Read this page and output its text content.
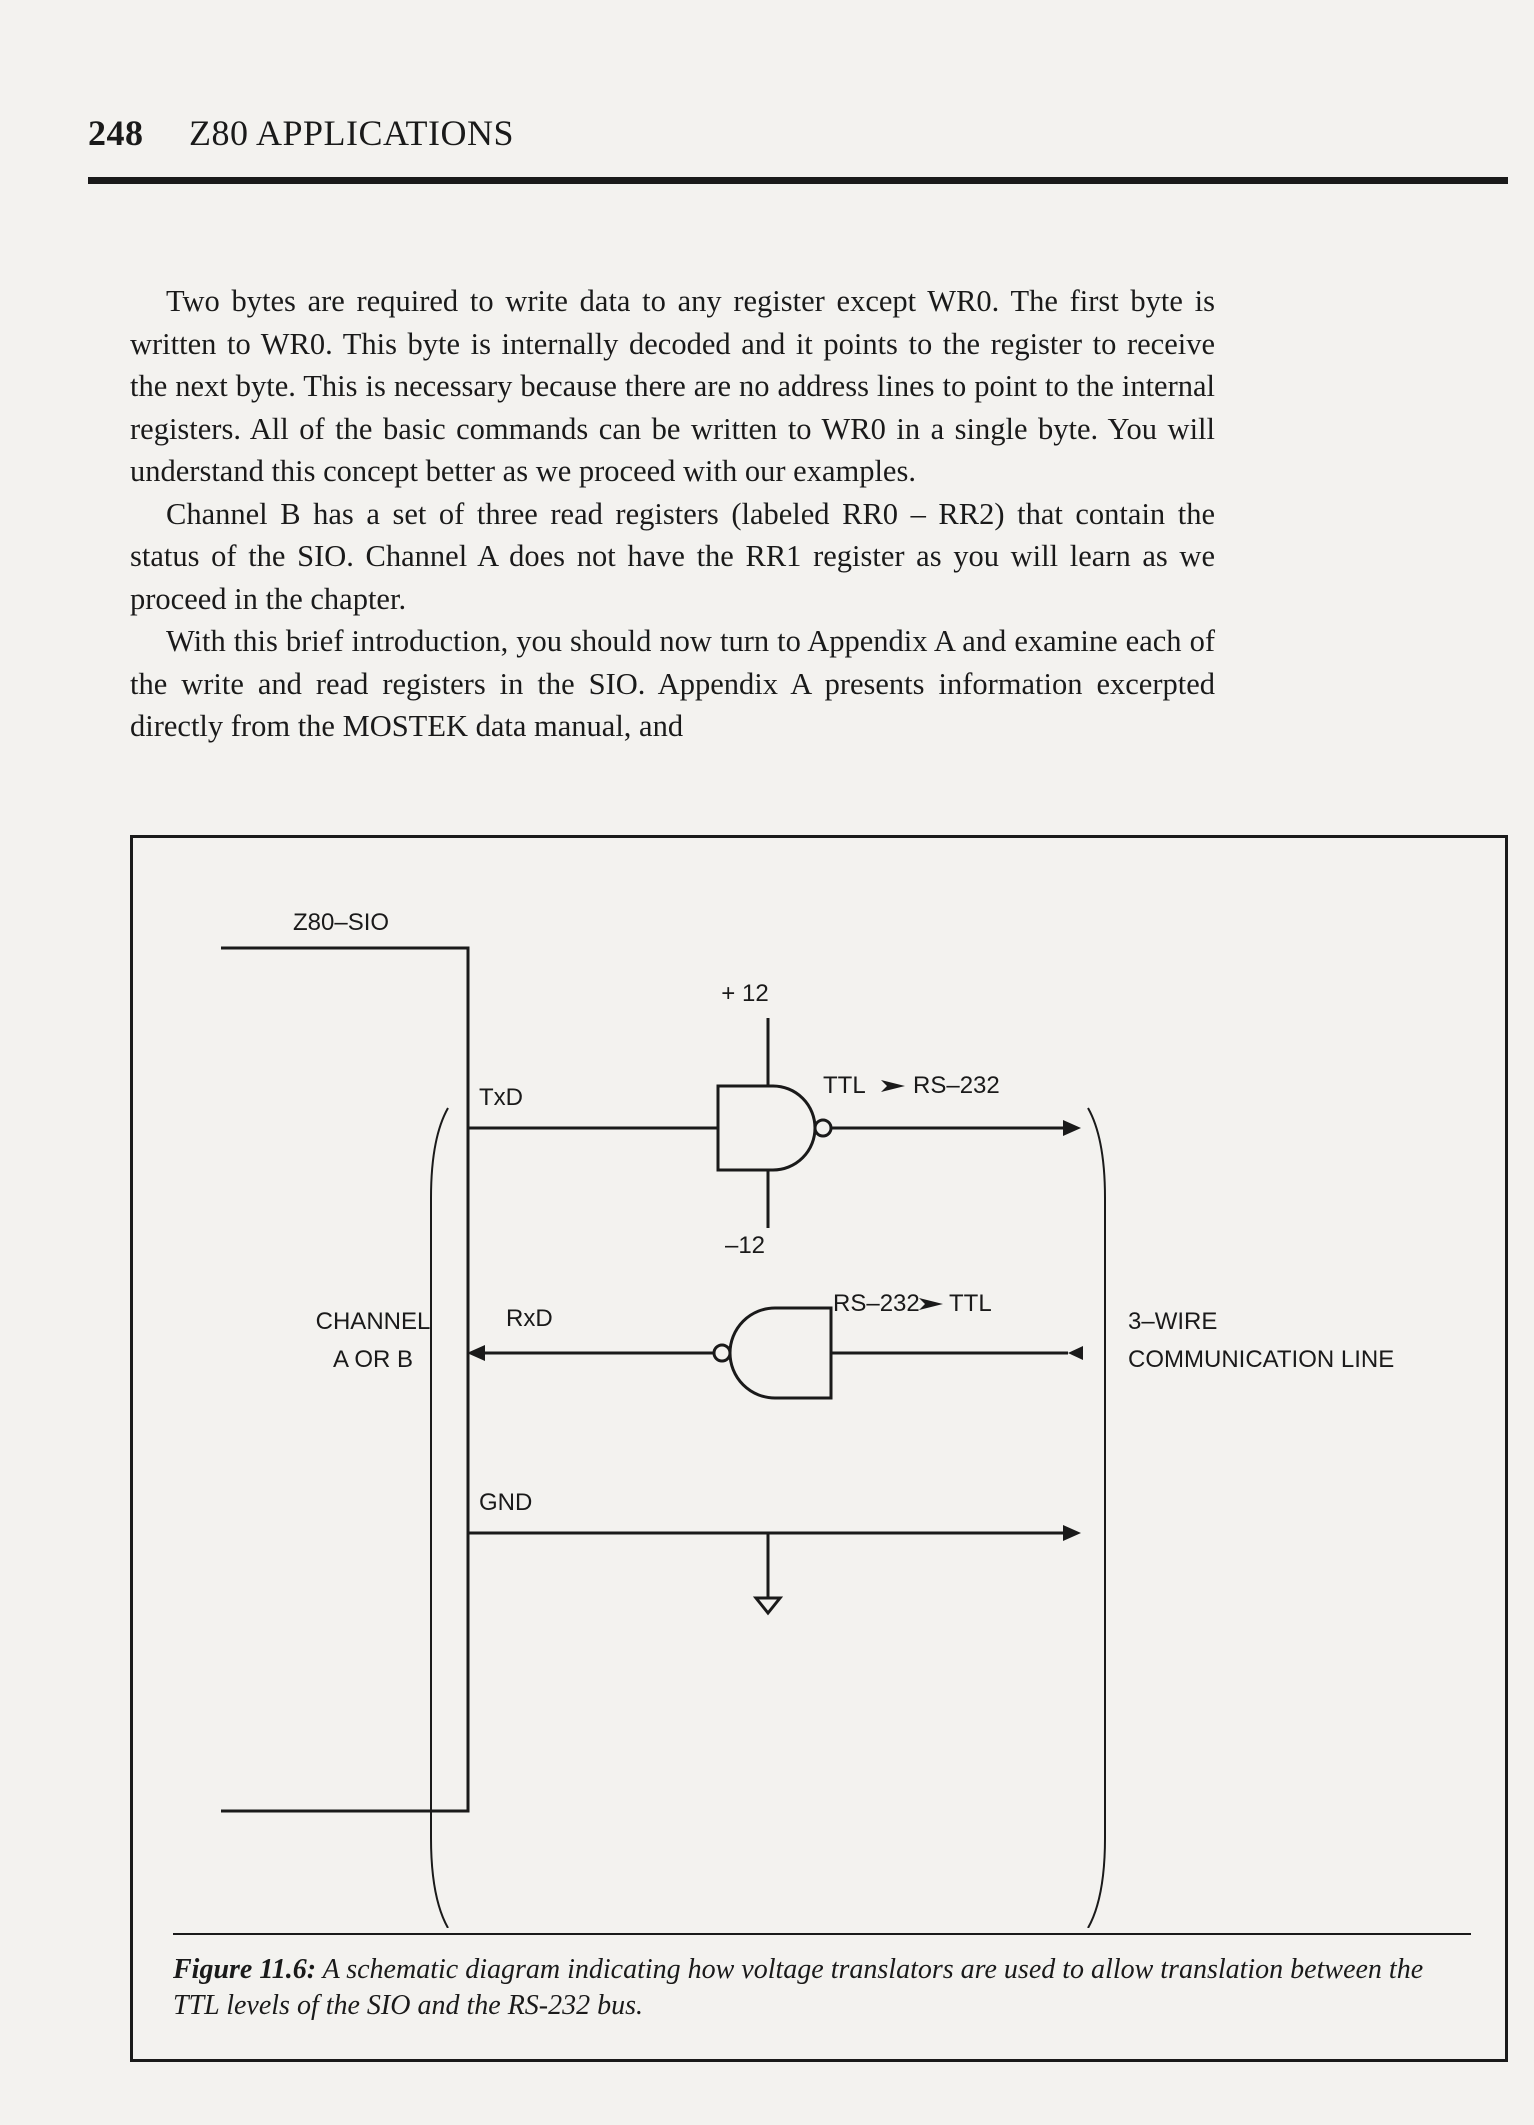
248 Z80 APPLICATIONS

Two bytes are required to write data to any register except WR0. The first byte is written to WR0. This byte is internally decoded and it points to the register to receive the next byte. This is necessary because there are no address lines to point to the internal registers. All of the basic commands can be written to WR0 in a single byte. You will understand this concept better as we proceed with our examples.

Channel B has a set of three read registers (labeled RR0 – RR2) that contain the status of the SIO. Channel A does not have the RR1 register as you will learn as we proceed in the chapter.

With this brief introduction, you should now turn to Appendix A and examine each of the write and read registers in the SIO. Appendix A presents information excerpted directly from the MOSTEK data manual, and

Z80–SIO
+ 12
–12
TxD
RxD
GND
TTL RS–232
RS–232 TTL
CHANNEL
A OR B
3–WIRE
COMMUNICATION LINE
Figure 11.6: A schematic diagram indicating how voltage translators are used to allow translation between the TTL levels of the SIO and the RS-232 bus.
